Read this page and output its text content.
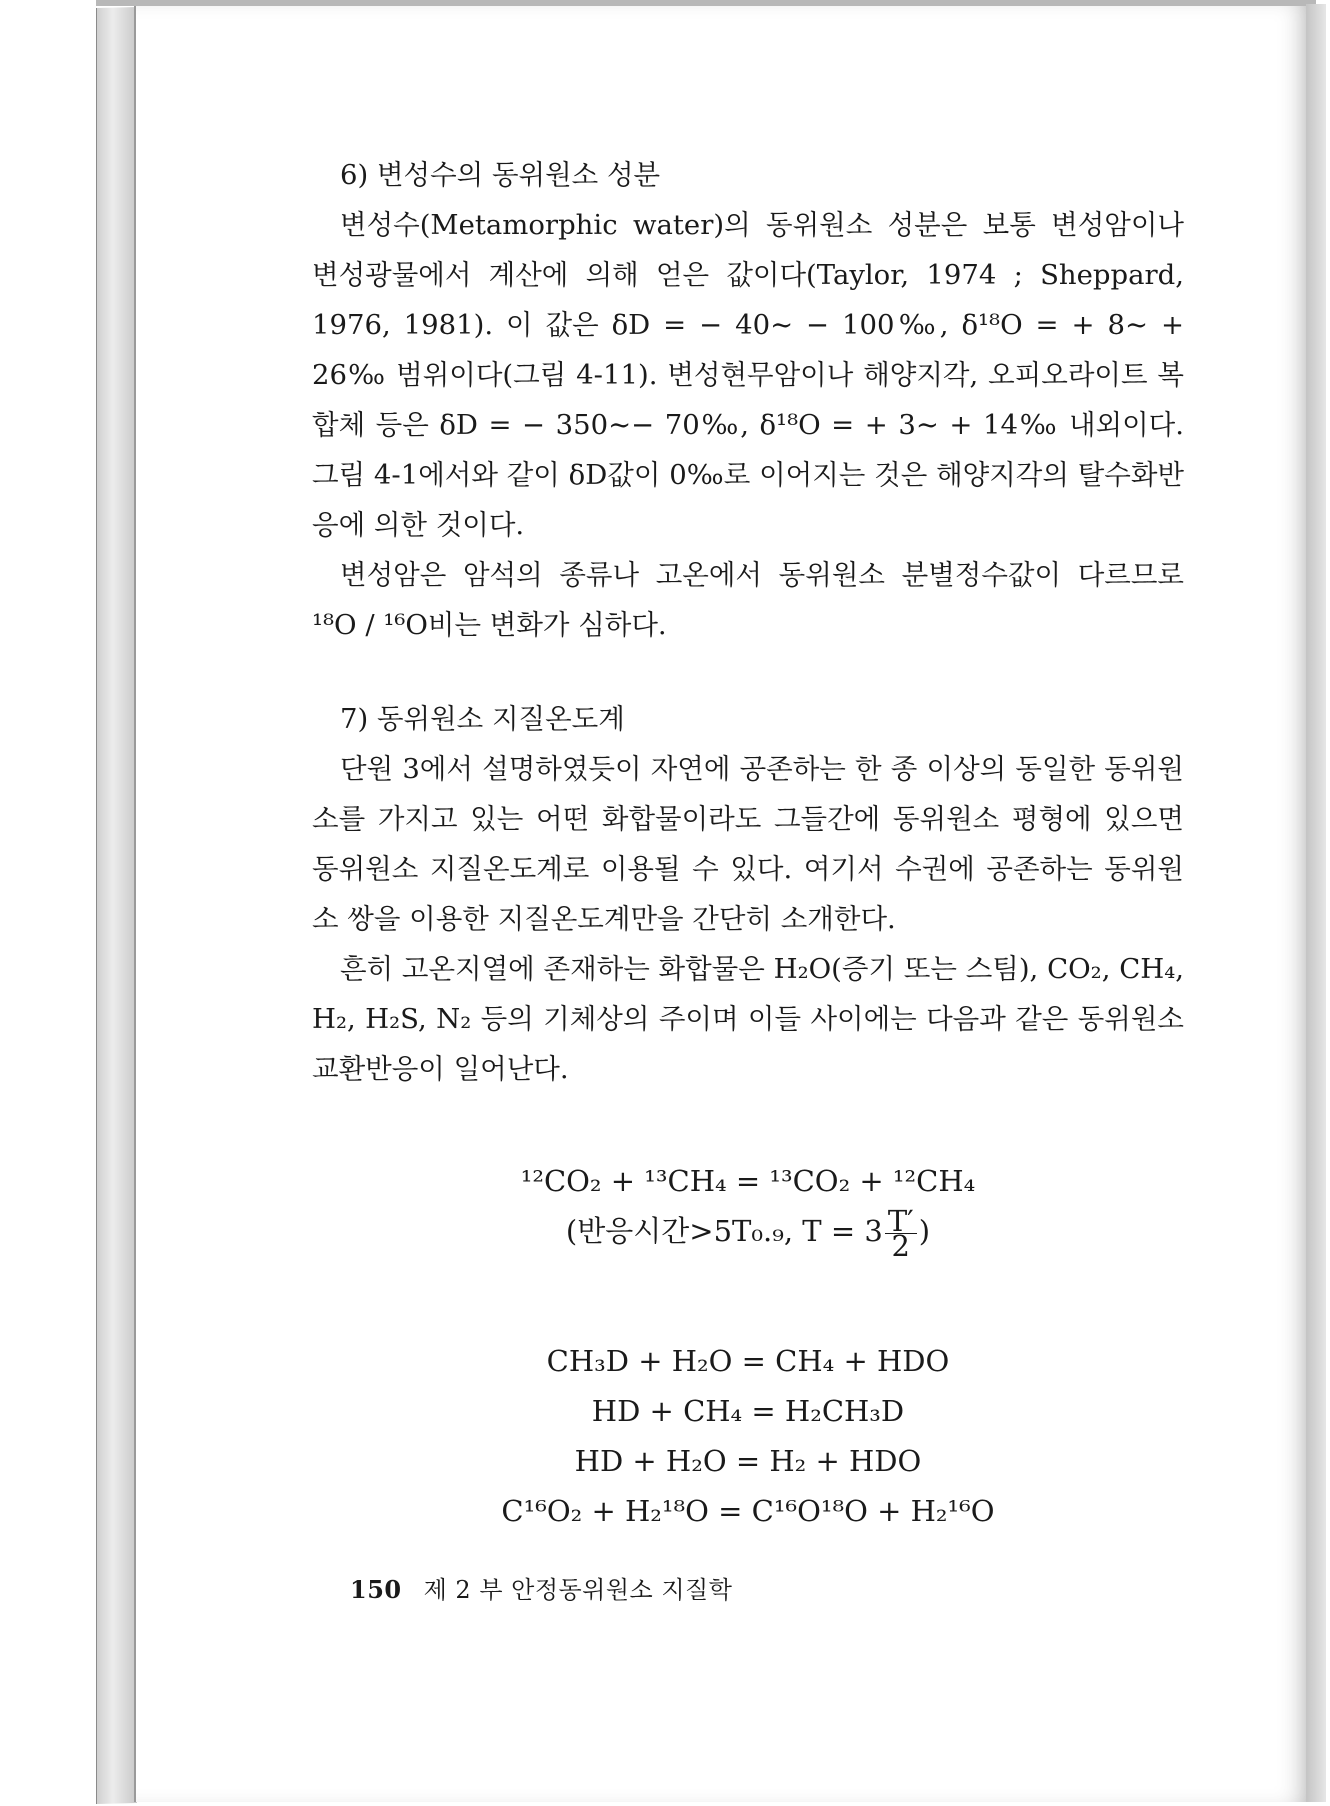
6) 변성수의 동위원소 성분

변성수(Metamorphic water)의 동위원소 성분은 보통 변성암이나 변성광물에서 계산에 의해 얻은 값이다(Taylor, 1974 ; Sheppard, 1976, 1981). 이 값은 δD = − 40∼ − 100‰, δ¹⁸O = + 8∼ + 26‰ 범위이다(그림 4-11). 변성현무암이나 해양지각, 오피오라이트 복합체 등은 δD = − 350∼− 70‰, δ¹⁸O = + 3∼ + 14‰ 내외이다. 그림 4-1에서와 같이 δD값이 0‰로 이어지는 것은 해양지각의 탈수화반응에 의한 것이다.

변성암은 암석의 종류나 고온에서 동위원소 분별정수값이 다르므로 ¹⁸O / ¹⁶O비는 변화가 심하다.

7) 동위원소 지질온도계

단원 3에서 설명하였듯이 자연에 공존하는 한 종 이상의 동일한 동위원소를 가지고 있는 어떤 화합물이라도 그들간에 동위원소 평형에 있으면 동위원소 지질온도계로 이용될 수 있다. 여기서 수권에 공존하는 동위원소 쌍을 이용한 지질온도계만을 간단히 소개한다.

흔히 고온지열에 존재하는 화합물은 H₂O(증기 또는 스팀), CO₂, CH₄, H₂, H₂S, N₂ 등의 기체상의 주이며 이들 사이에는 다음과 같은 동위원소 교환반응이 일어난다.

¹²CO₂ + ¹³CH₄ = ¹³CO₂ + ¹²CH₄
(반응시간>5T₀.₉, $T = 3 \frac{T'}{2}$ )
CH₃D + H₂O = CH₄ + HDO
HD + CH₄ = H₂CH₃D
HD + H₂O = H₂ + HDO
C¹⁶O₂ + H₂¹⁸O = C¹⁶O¹⁸O + H₂¹⁶O
150 제 2 부 안정동위원소 지질학
